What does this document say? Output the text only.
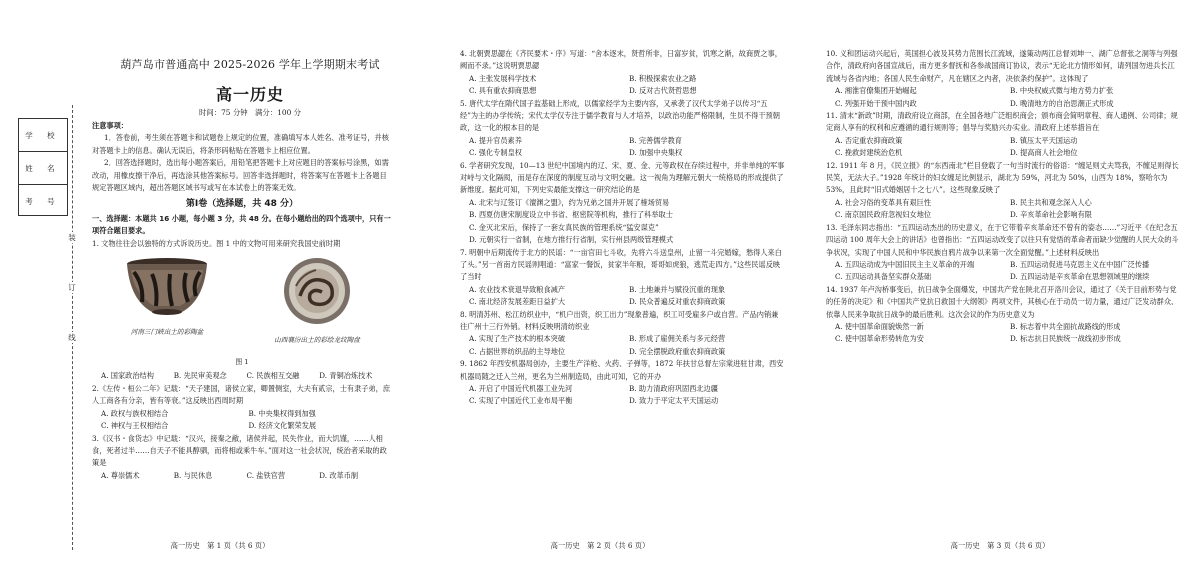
学 校
姓 名
考 号
装
订
线
葫芦岛市普通高中 2025-2026 学年上学期期末考试
高一历史
时间：75 分钟　满分：100 分

注意事项：

1．答卷前，考生须在答题卡和试题卷上规定的位置，准确填写本人姓名、准考证号，并核对答题卡上的信息。确认无误后，将条形码粘贴在答题卡上相应位置。

2．回答选择题时，选出每小题答案后，用铅笔把答题卡上对应题目的答案标号涂黑，如需改动，用橡皮擦干净后，再选涂其他答案标号。回答非选择题时，将答案写在答题卡上各题目规定答题区域内，超出答题区域书写或写在本试卷上的答案无效。

第Ⅰ卷（选择题，共 48 分）

一、选择题：本题共 16 小题，每小题 3 分，共 48 分。在每小题给出的四个选项中，只有一项符合题目要求。

1. 文物往往会以独特的方式诉说历史。图 1 中的文物可用来研究我国史前时期

河南三门峡出土的彩陶盆
山西襄汾出土的彩绘龙纹陶盘
图 1
A. 国家政治结构	B. 先民审美观念	C. 民族相互交融	D. 青铜冶炼技术

2.《左传・桓公二年》记载：“天子建国，诸侯立家，卿置侧室，大夫有贰宗，士有隶子弟，庶人工商各有分亲，皆有等衰。”这反映出西周时期

A. 政权与族权相结合	B. 中央集权得到加强
C. 神权与王权相结合	D. 经济文化繁荣发展

3.《汉书・食货志》中记载：“汉兴，接秦之敝，诸侯并起，民失作业，而大饥馑，……人相食，死者过半……自天子不能具醇驷，而将相或乘牛车。”面对这一社会状况，统治者采取的政策是

A. 尊崇儒术	B. 与民休息	C. 盐铁官营	D. 改革币制
高一历史　第 1 页（共 6 页）

4. 北朝贾思勰在《齐民要术・序》写道：“舍本逐末，贤哲所非，日富岁贫，饥寒之渐，故商贾之事，阙而不录。”这说明贾思勰

A. 主张发展科学技术	B. 积极探索农业之路
C. 具有重农抑商思想	D. 反对古代贤哲思想

5. 唐代太学在隋代国子监基础上形成，以儒家经学为主要内容，又承袭了汉代太学弟子以传习“五经”为主的办学传统；宋代太学仅专注于儒学教育与人才培养，以政治功能严格限制，生员不得干预朝政，这一化的根本目的是

A. 提升官员素养	B. 完善儒学教育
C. 强化专制皇权	D. 加强中央集权

6. 学者研究发现，10—13 世纪中国境内的辽、宋、夏、金、元等政权在存续过程中，并非单纯的军事对峙与文化隔阂，而是存在深度的制度互动与文明交融。这一视角为理解元朝大一统格局的形成提供了新维度。据此可知，下列史实最能支撑这一研究结论的是

A. 北宋与辽签订《澶渊之盟》，约为兄弟之国并开展了榷场贸易
B. 西夏仿唐宋制度设立中书省、枢密院等机构，推行了科举取士
C. 金灭北宋后，保持了一套女真民族的管理系统“猛安谋克”
D. 元朝实行一省制，在地方推行行省制，实行州县两级管理模式

7. 明朝中后期流传于北方的民谣：“一亩官田七斗收，先将六斗送皇州，止留一斗完婚嫁，愁得人来白了头。”另一首南方民谣则唱道：“富家一餐饭，贫家半年粮，哥哥如虎狼，逃荒走四方。”这些民谣反映了当时

A. 农业技术衰退导致粮食减产	B. 土地兼并与赋役沉重的现象
C. 南北经济发展差距日益扩大	D. 民众普遍反对重农抑商政策

8. 明清苏州、松江纺织业中，“机户出资，织工出力”现象普遍，织工可受雇多户或自营。产品内销兼往广州十三行外销。材料反映明清纺织业

A. 实现了生产技术的根本突破	B. 形成了雇佣关系与多元经营
C. 占据世界纺织品的主导地位	D. 完全摆脱政府重农抑商政策

9. 1862 年西安机器局创办，主要生产洋枪、火药、子弹等，1872 年扶甘总督左宗棠进驻甘肃，西安机器局随之迁入兰州，更名为兰州制造局，由此可知，它的开办

A. 开启了中国近代机器工业先河	B. 助力清政府巩固西北边疆
C. 实现了中国近代工业布局平衡	D. 致力于平定太平天国运动
高一历史　第 2 页（共 6 页）

10. 义和团运动兴起后，英国担心波及其势力范围长江流域，遂策动两江总督刘坤一、湖广总督张之洞等与列强合作，清政府向各国宣战后，南方更多督抚和各参战国商订协议，表示“无论北方情形如何，请列国勿进兵长江流域与各省内地；各国人民生命财产，凡在辖区之内者，决依条约保护”。这体现了

A. 湘淮官僚集团开始崛起	B. 中央权威式微与地方势力扩张
C. 列强开始干预中国内政	D. 晚清地方的自治思潮正式形成

11. 清末“新政”时期，清政府设立商部，在全国各地广泛组织商会；颁布商会简明章程、商人通例、公司律；规定商人享有的权利和应遵循的通行规则等；倡导与奖励兴办实业。清政府上述举措旨在

A. 否定重农抑商政策	B. 镇压太平天国运动
C. 挽救封建统治危机	D. 提高商人社会地位

12. 1911 年 8 月，《民立报》的“东西南北”栏目登载了一句当时流行的俗语：“缠足则丈夫骂我，不缠足则得长民笑，无法大子。”1928 年统计的妇女缠足比例显示，湖北为 59%，河北为 50%，山西为 18%，察哈尔为 53%，且此时“旧式婚姻居十之七八”。这些现象反映了

A. 社会习俗的变革具有艰巨性	B. 民主共和观念深入人心
C. 南京国民政府忽视妇女地位	D. 辛亥革命社会影响有限

13. 毛泽东同志指出：“五四运动杰出的历史意义，在于它带着辛亥革命还不曾有的姿态……”习近平《在纪念五四运动 100 周年大会上的讲话》也曾指出：“五四运动改变了以往只有觉悟的革命者而缺少觉醒的人民大众的斗争状况，实现了中国人民和中华民族自鸦片战争以来第一次全面觉醒。”上述材料反映出

A. 五四运动成为中国旧民主主义革命的开端	B. 五四运动促进马克思主义在中国广泛传播
C. 五四运动具备坚实群众基础	D. 五四运动是辛亥革命在思想领域里的继续

14. 1937 年卢沟桥事变后，抗日战争全面爆发，中国共产党在陕北召开洛川会议，通过了《关于目前形势与党的任务的决定》和《中国共产党抗日救国十大纲领》两项文件，其核心在于动员一切力量，通过广泛发动群众、依靠人民来争取抗日战争的最后胜利。这次会议的作为历史意义为

A. 使中国革命面貌焕然一新	B. 标志着中共全面抗战路线的形成
C. 使中国革命形势转危为安	D. 标志抗日民族统一战线初步形成
高一历史　第 3 页（共 6 页）
